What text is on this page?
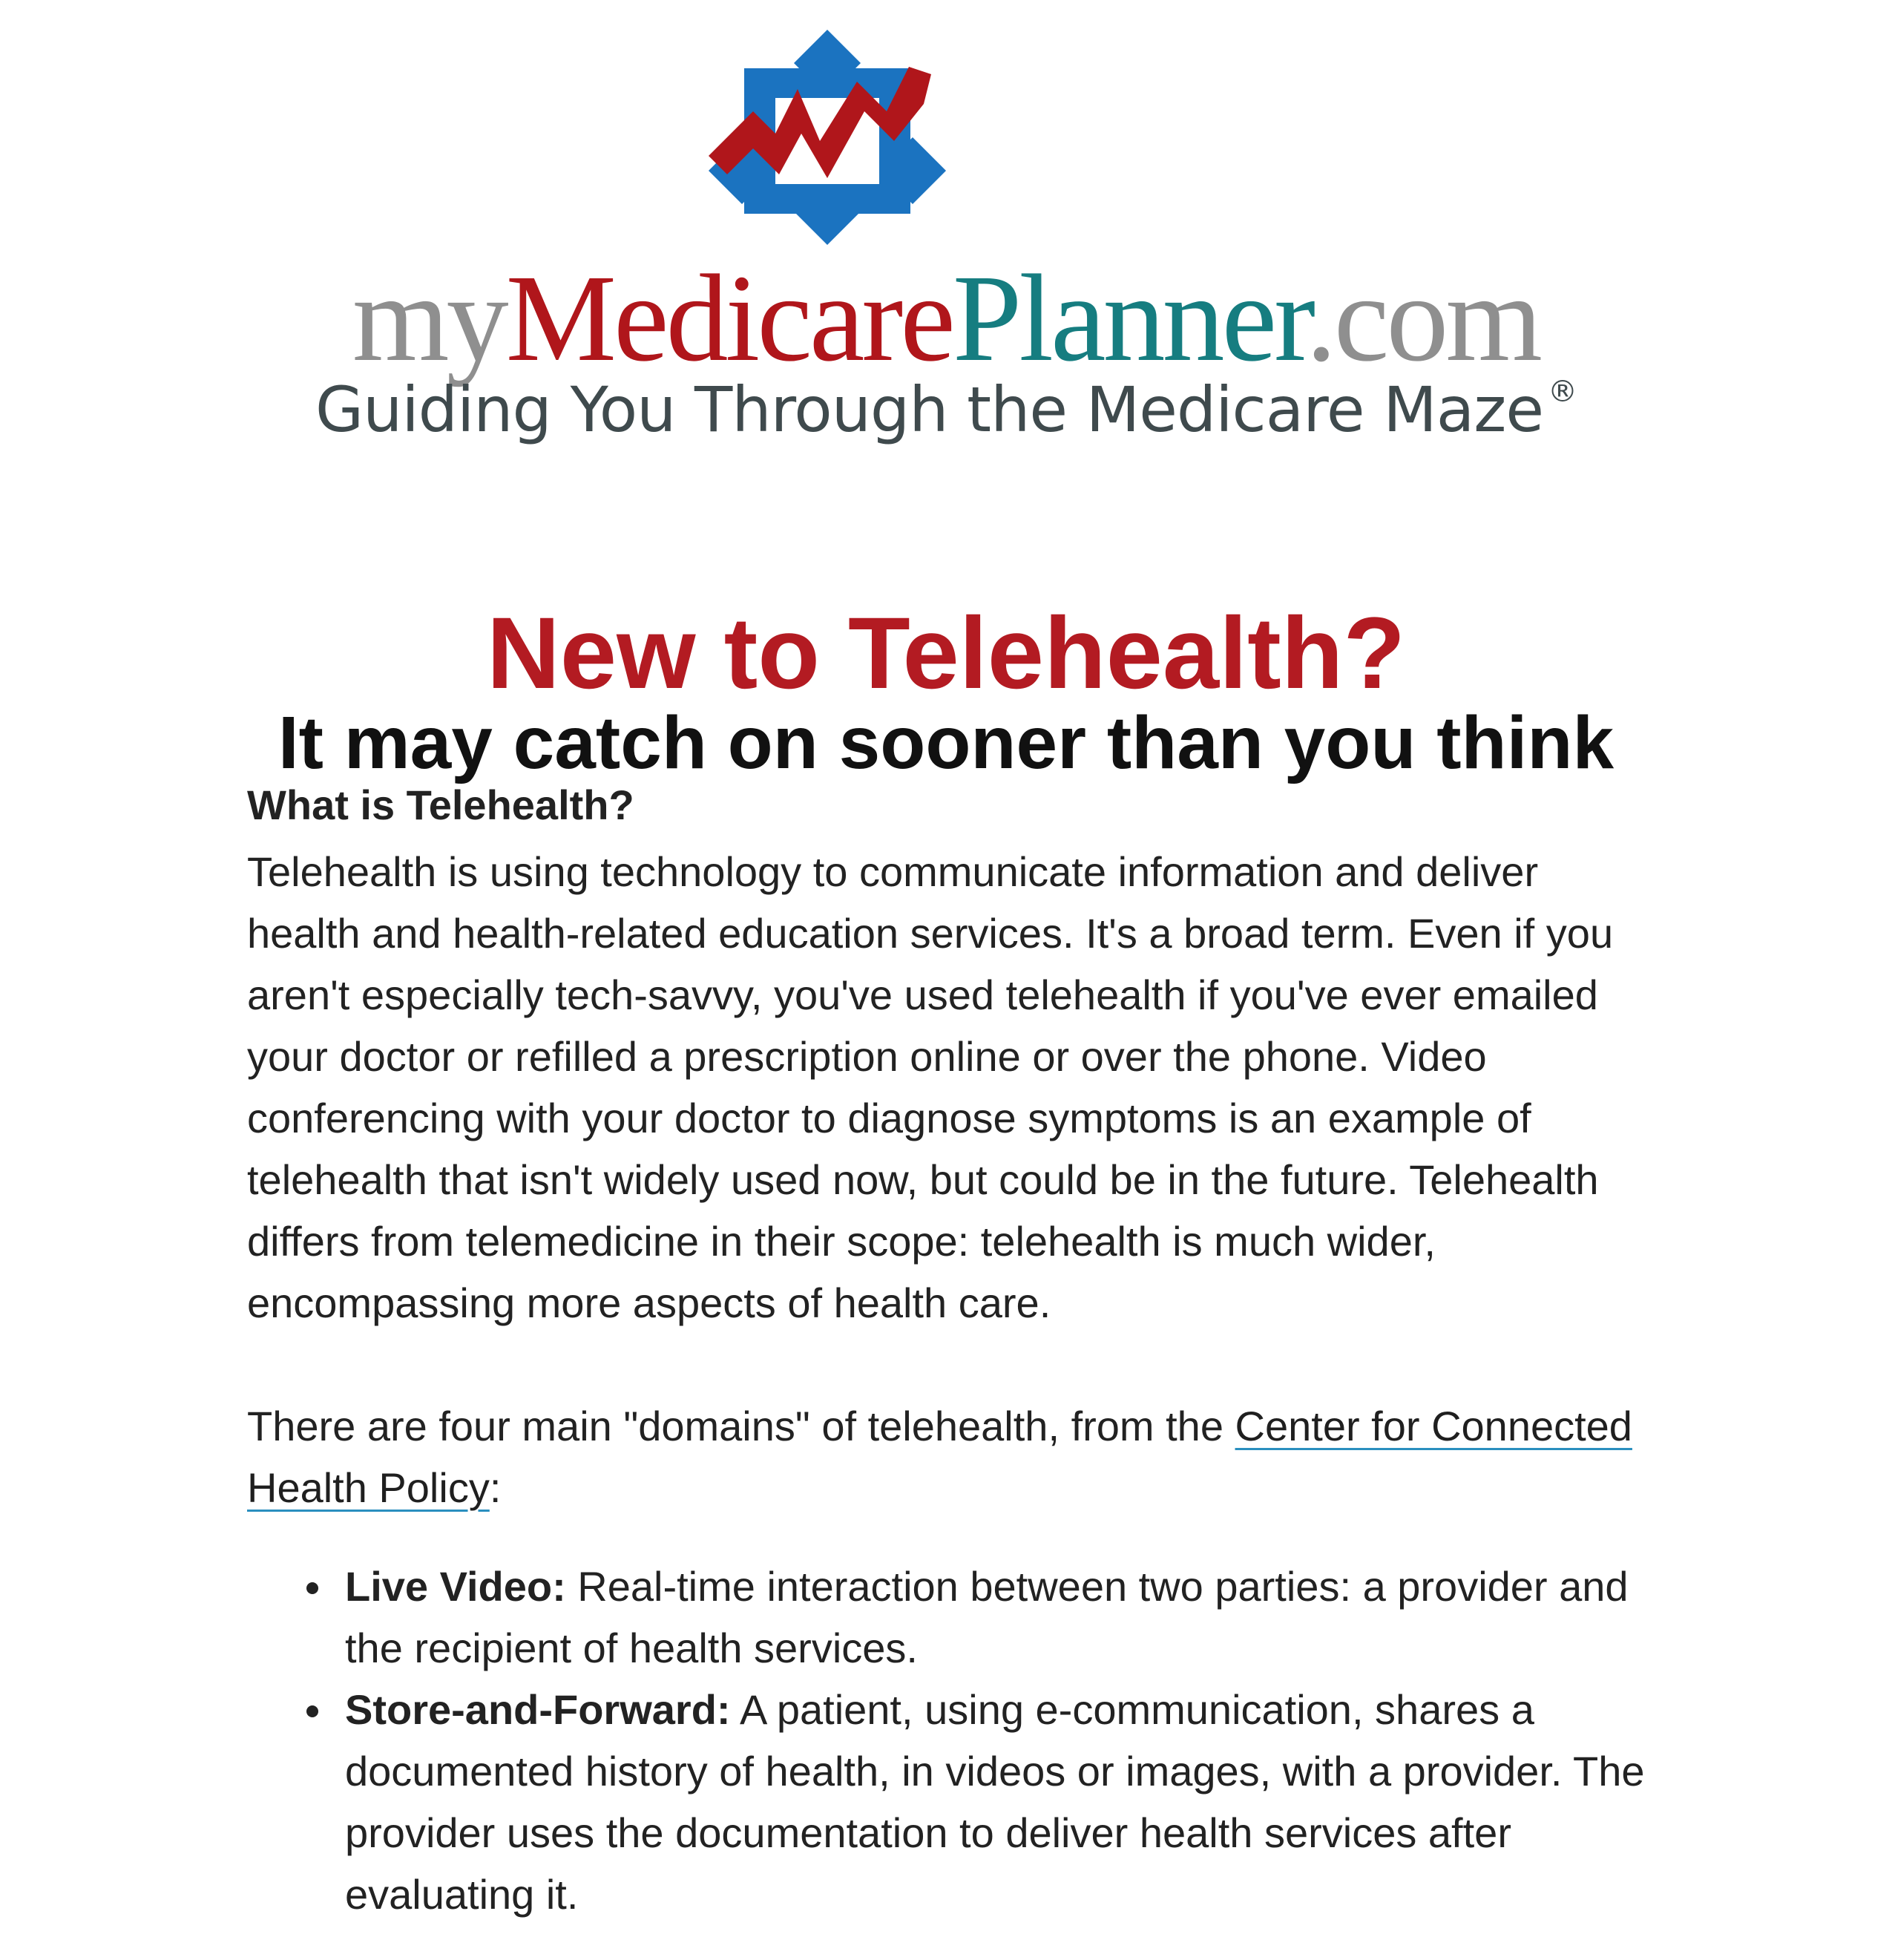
myMedicarePlanner.com
Guiding You Through the Medicare Maze ®
New to Telehealth?
It may catch on sooner than you think

What is Telehealth?

Telehealth is using technology to communicate information and deliver health and health-related education services. It's a broad term. Even if you aren't especially tech-savvy, you've used telehealth if you've ever emailed your doctor or refilled a prescription online or over the phone. Video conferencing with your doctor to diagnose symptoms is an example of telehealth that isn't widely used now, but could be in the future. Telehealth differs from telemedicine in their scope: telehealth is much wider, encompassing more aspects of health care.

There are four main "domains" of telehealth, from the Center for Connected Health Policy:

Live Video: Real-time interaction between two parties: a provider and the recipient of health services.
Store-and-Forward: A patient, using e-communication, shares a documented history of health, in videos or images, with a provider. The provider uses the documentation to deliver health services after evaluating it.
